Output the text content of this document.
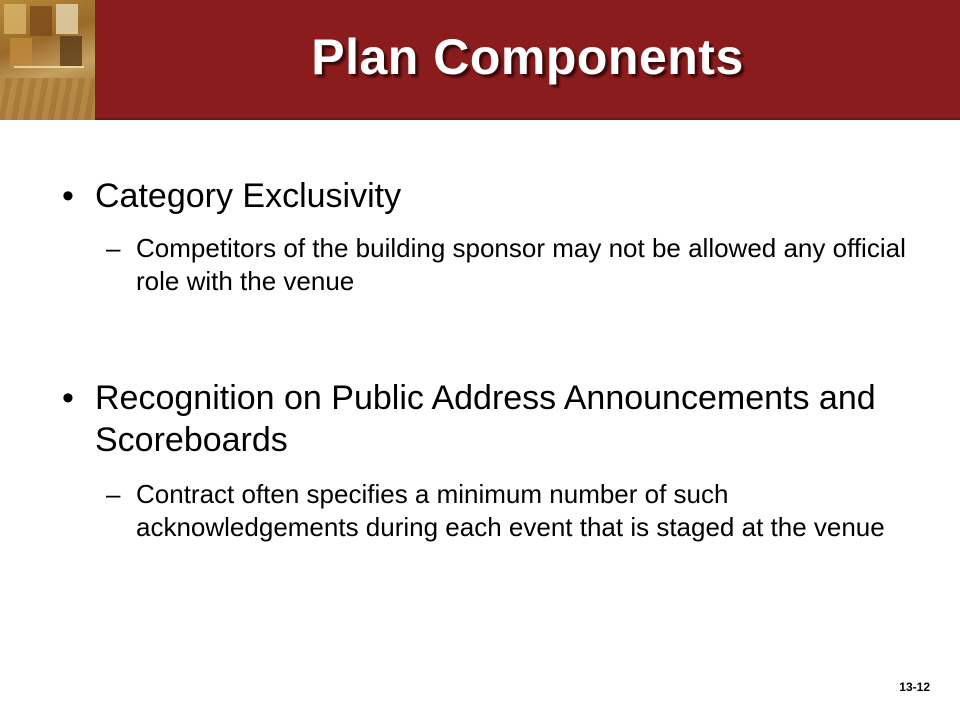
Plan Components
• Category Exclusivity
– Competitors of the building sponsor may not be allowed any official role with the venue
• Recognition on Public Address Announcements and Scoreboards
– Contract often specifies a minimum number of such acknowledgements during each event that is staged at the venue
13-12
